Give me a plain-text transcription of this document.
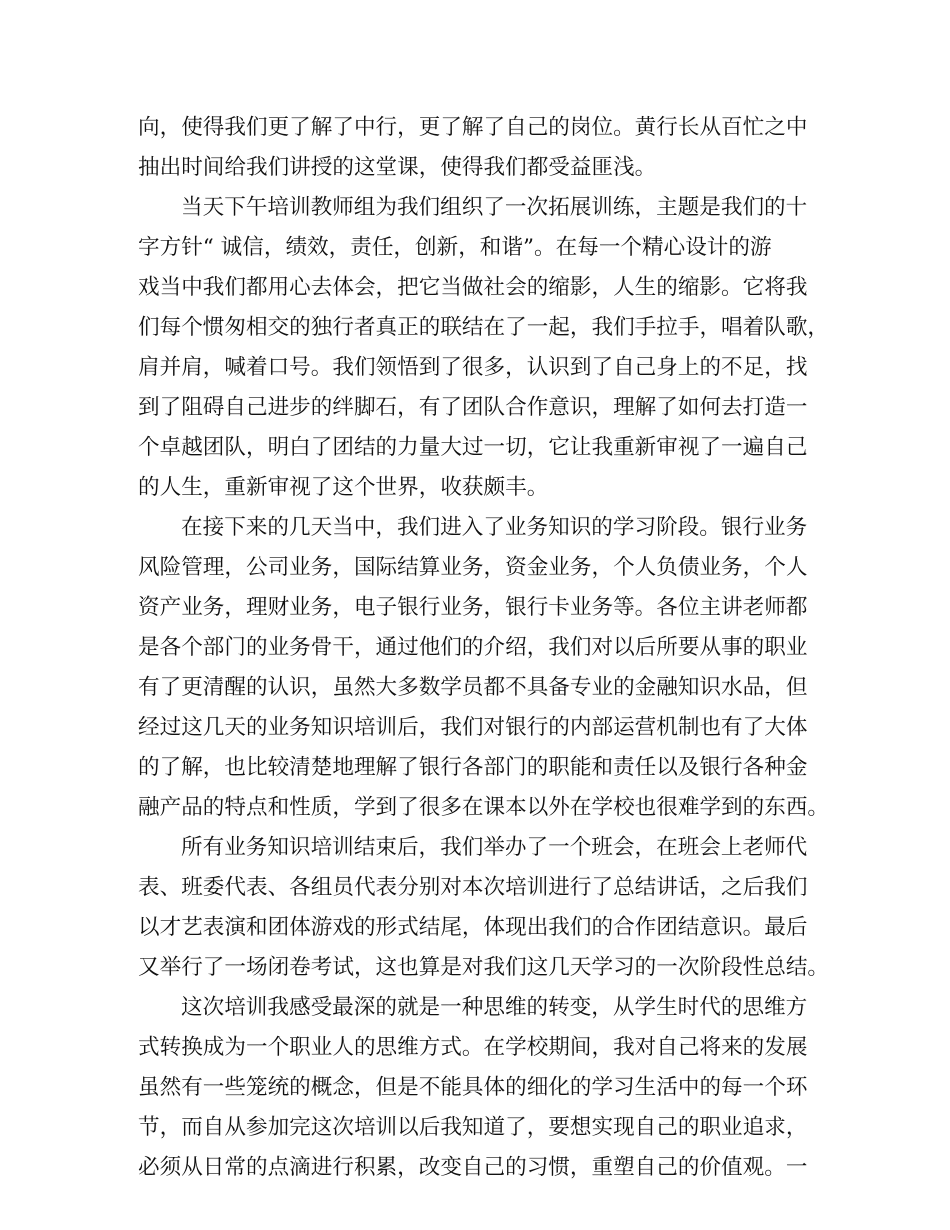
向，使得我们更了解了中行，更了解了自己的岗位。黄行长从百忙之中

抽出时间给我们讲授的这堂课，使得我们都受益匪浅。

当天下午培训教师组为我们组织了一次拓展训练，主题是我们的十

字方针“ 诚信，绩效，责任，创新，和谐”。在每一个精心设计的游

戏当中我们都用心去体会，把它当做社会的缩影，人生的缩影。它将我

们每个惯匆相交的独行者真正的联结在了一起，我们手拉手，唱着队歌，

肩并肩，喊着口号。我们领悟到了很多，认识到了自己身上的不足，找

到了阻碍自己进步的绊脚石，有了团队合作意识，理解了如何去打造一

个卓越团队，明白了团结的力量大过一切，它让我重新审视了一遍自己

的人生，重新审视了这个世界，收获颇丰。

在接下来的几天当中，我们进入了业务知识的学习阶段。银行业务

风险管理，公司业务，国际结算业务，资金业务，个人负债业务，个人

资产业务，理财业务，电子银行业务，银行卡业务等。各位主讲老师都

是各个部门的业务骨干，通过他们的介绍，我们对以后所要从事的职业

有了更清醒的认识，虽然大多数学员都不具备专业的金融知识水品，但

经过这几天的业务知识培训后，我们对银行的内部运营机制也有了大体

的了解，也比较清楚地理解了银行各部门的职能和责任以及银行各种金

融产品的特点和性质，学到了很多在课本以外在学校也很难学到的东西。

所有业务知识培训结束后，我们举办了一个班会，在班会上老师代

表、班委代表、各组员代表分别对本次培训进行了总结讲话，之后我们

以才艺表演和团体游戏的形式结尾，体现出我们的合作团结意识。最后

又举行了一场闭卷考试，这也算是对我们这几天学习的一次阶段性总结。

这次培训我感受最深的就是一种思维的转变，从学生时代的思维方

式转换成为一个职业人的思维方式。在学校期间，我对自己将来的发展

虽然有一些笼统的概念，但是不能具体的细化的学习生活中的每一个环

节，而自从参加完这次培训以后我知道了，要想实现自己的职业追求，

必须从日常的点滴进行积累，改变自己的习惯，重塑自己的价值观。一
